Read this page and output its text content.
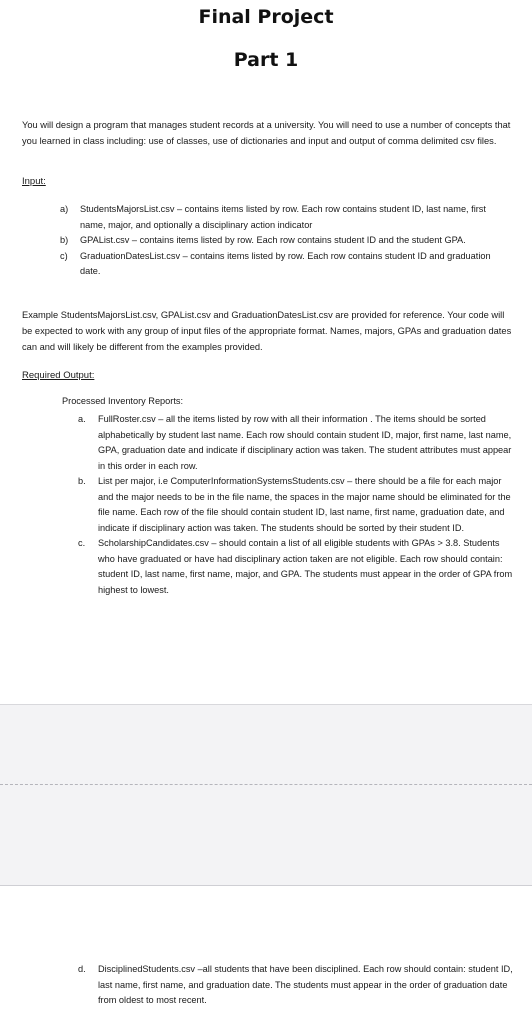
Final Project
Part 1

You will design a program that manages student records at a university. You will need to use a number of concepts that you learned in class including: use of classes, use of dictionaries and input and output of comma delimited csv files.

Input:
a) StudentsMajorsList.csv – contains items listed by row. Each row contains student ID, last name, first name, major, and optionally a disciplinary action indicator
b) GPAList.csv – contains items listed by row. Each row contains student ID and the student GPA.
c) GraduationDatesList.csv – contains items listed by row. Each row contains student ID and graduation date.

Example StudentsMajorsList.csv, GPAList.csv and GraduationDatesList.csv are provided for reference. Your code will be expected to work with any group of input files of the appropriate format. Names, majors, GPAs and graduation dates can and will likely be different from the examples provided.

Required Output:
Processed Inventory Reports:
a. FullRoster.csv – all the items listed by row with all their information . The items should be sorted alphabetically by student last name. Each row should contain student ID, major, first name, last name, GPA, graduation date and indicate if disciplinary action was taken. The student attributes must appear in this order in each row.
b. List per major, i.e ComputerInformationSystemsStudents.csv – there should be a file for each major and the major needs to be in the file name, the spaces in the major name should be eliminated for the file name. Each row of the file should contain student ID, last name, first name, graduation date, and indicate if disciplinary action was taken. The students should be sorted by their student ID.
c. ScholarshipCandidates.csv – should contain a list of all eligible students with GPAs > 3.8. Students who have graduated or have had disciplinary action taken are not eligible. Each row should contain: student ID, last name, first name, major, and GPA. The students must appear in the order of GPA from highest to lowest.
d. DisciplinedStudents.csv –all students that have been disciplined. Each row should contain: student ID, last name, first name, and graduation date. The students must appear in the order of graduation date from oldest to most recent.
